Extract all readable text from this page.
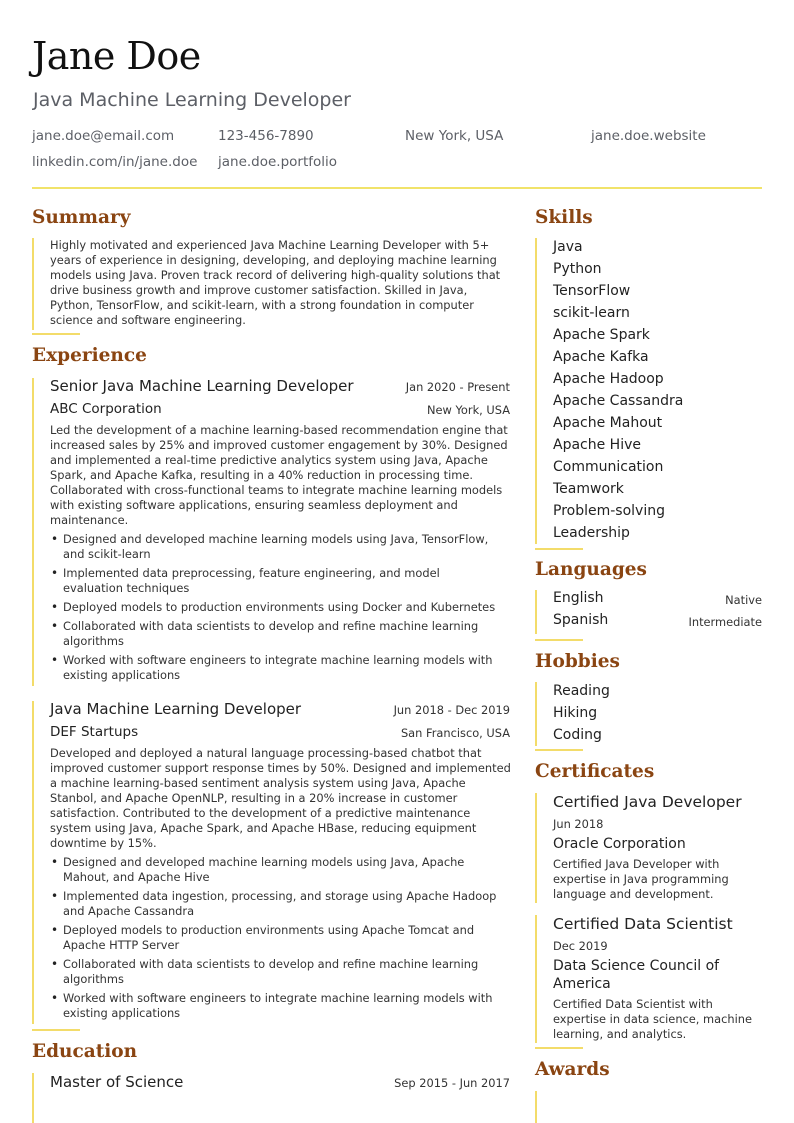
Jane Doe
Java Machine Learning Developer
jane.doe@email.com	123-456-7890	New York, USA	jane.doe.website
linkedin.com/in/jane.doe jane.doe.portfolio
Summary
Highly motivated and experienced Java Machine Learning Developer with 5+ years of experience in designing, developing, and deploying machine learning models using Java. Proven track record of delivering high-quality solutions that drive business growth and improve customer satisfaction. Skilled in Java, Python, TensorFlow, and scikit-learn, with a strong foundation in computer science and software engineering.
Experience
Senior Java Machine Learning Developer	Jan 2020 - Present
ABC Corporation	New York, USA
Led the development of a machine learning-based recommendation engine that increased sales by 25% and improved customer engagement by 30%. Designed and implemented a real-time predictive analytics system using Java, Apache Spark, and Apache Kafka, resulting in a 40% reduction in processing time. Collaborated with cross-functional teams to integrate machine learning models with existing software applications, ensuring seamless deployment and maintenance.
• Designed and developed machine learning models using Java, TensorFlow, and scikit-learn
• Implemented data preprocessing, feature engineering, and model evaluation techniques
• Deployed models to production environments using Docker and Kubernetes
• Collaborated with data scientists to develop and refine machine learning algorithms
• Worked with software engineers to integrate machine learning models with existing applications
Java Machine Learning Developer	Jun 2018 - Dec 2019
DEF Startups	San Francisco, USA
Developed and deployed a natural language processing-based chatbot that improved customer support response times by 50%. Designed and implemented a machine learning-based sentiment analysis system using Java, Apache Stanbol, and Apache OpenNLP, resulting in a 20% increase in customer satisfaction. Contributed to the development of a predictive maintenance system using Java, Apache Spark, and Apache HBase, reducing equipment downtime by 15%.
• Designed and developed machine learning models using Java, Apache Mahout, and Apache Hive
• Implemented data ingestion, processing, and storage using Apache Hadoop and Apache Cassandra
• Deployed models to production environments using Apache Tomcat and Apache HTTP Server
• Collaborated with data scientists to develop and refine machine learning algorithms
• Worked with software engineers to integrate machine learning models with existing applications
Education
Master of Science	Sep 2015 - Jun 2017
Skills
Java
Python
TensorFlow
scikit-learn
Apache Spark
Apache Kafka
Apache Hadoop
Apache Cassandra
Apache Mahout
Apache Hive
Communication
Teamwork
Problem-solving
Leadership
Languages
English	Native
Spanish	Intermediate
Hobbies
Reading
Hiking
Coding
Certificates
Certified Java Developer
Jun 2018
Oracle Corporation
Certified Java Developer with expertise in Java programming language and development.
Certified Data Scientist
Dec 2019
Data Science Council of America
Certified Data Scientist with expertise in data science, machine learning, and analytics.
Awards
